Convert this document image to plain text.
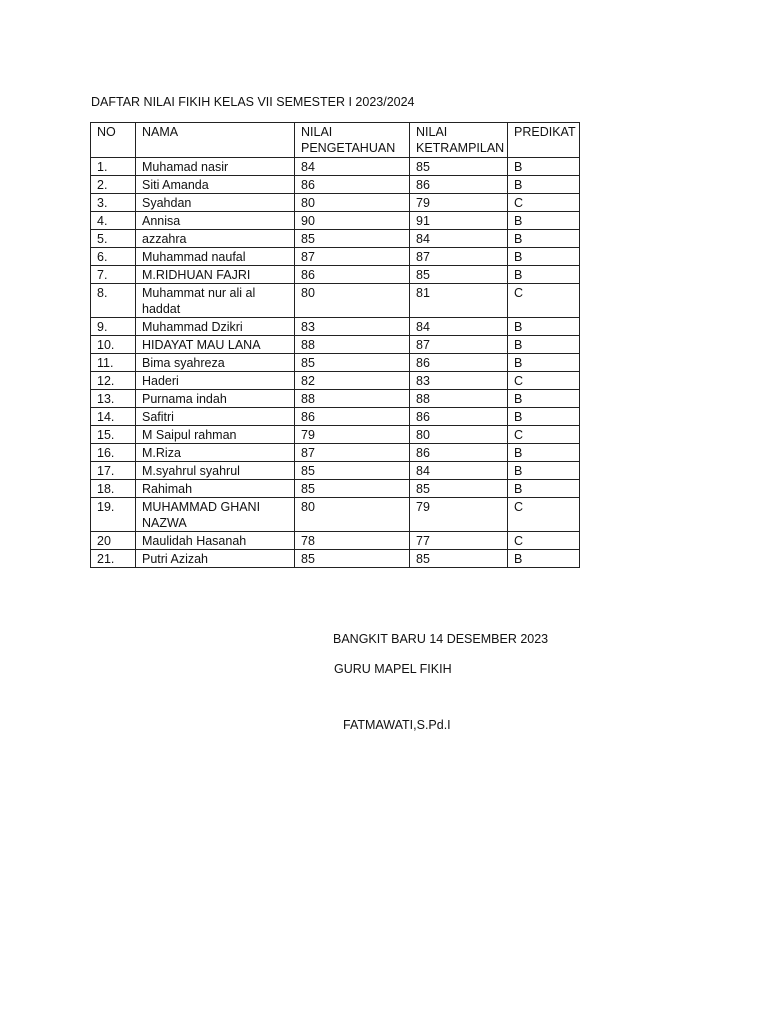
DAFTAR NILAI FIKIH KELAS VII SEMESTER I 2023/2024
NO	NAMA	NILAI PENGETAHUAN	NILAI KETRAMPILAN	PREDIKAT
1.	Muhamad nasir	84	85	B
2.	Siti Amanda	86	86	B
3.	Syahdan	80	79	C
4.	Annisa	90	91	B
5.	azzahra	85	84	B
6.	Muhammad naufal	87	87	B
7.	M.RIDHUAN FAJRI	86	85	B
8.	Muhammat nur ali al haddat	80	81	C
9.	Muhammad Dzikri	83	84	B
10.	HIDAYAT MAU LANA	88	87	B
11.	Bima syahreza	85	86	B
12.	Haderi	82	83	C
13.	Purnama indah	88	88	B
14.	Safitri	86	86	B
15.	M Saipul rahman	79	80	C
16.	M.Riza	87	86	B
17.	M.syahrul syahrul	85	84	B
18.	Rahimah	85	85	B
19.	MUHAMMAD GHANI NAZWA	80	79	C
20	Maulidah Hasanah	78	77	C
21.	Putri Azizah	85	85	B
BANGKIT BARU 14 DESEMBER 2023
GURU MAPEL FIKIH
FATMAWATI,S.Pd.I
